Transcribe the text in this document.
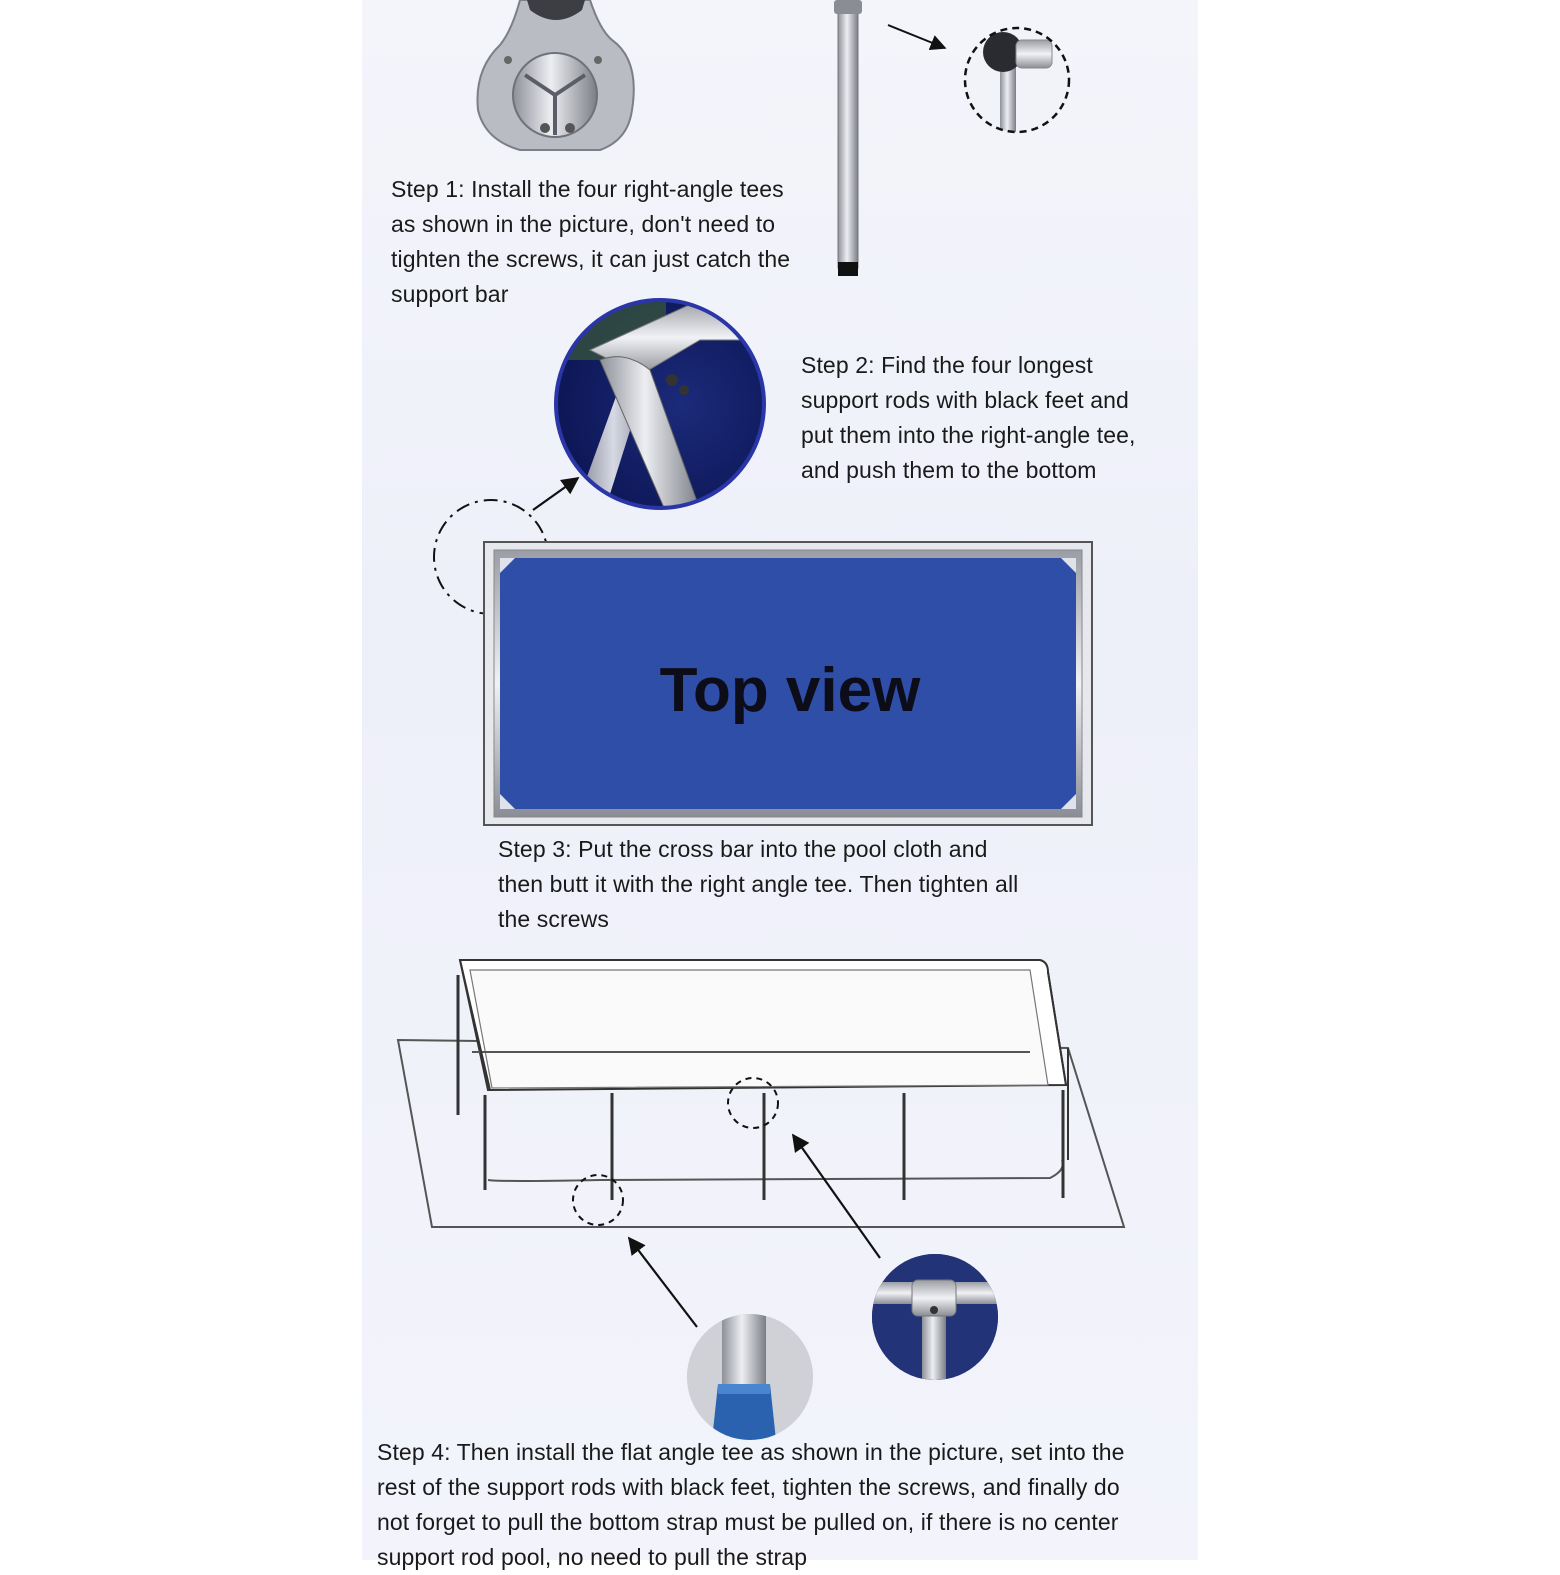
Top view
Step 1: Install the four right-angle tees
as shown in the picture, don't need to
tighten the screws, it can just catch the
support bar
Step 2: Find the four longest
support rods with black feet and
put them into the right-angle tee,
and push them to the bottom
Step 3: Put the cross bar into the pool cloth and
then butt it with the right angle tee. Then tighten all
the screws
Step 4: Then install the flat angle tee as shown in the picture, set into the
rest of the support rods with black feet, tighten the screws, and finally do
not forget to pull the bottom strap must be pulled on, if there is no center
support rod pool, no need to pull the strap
